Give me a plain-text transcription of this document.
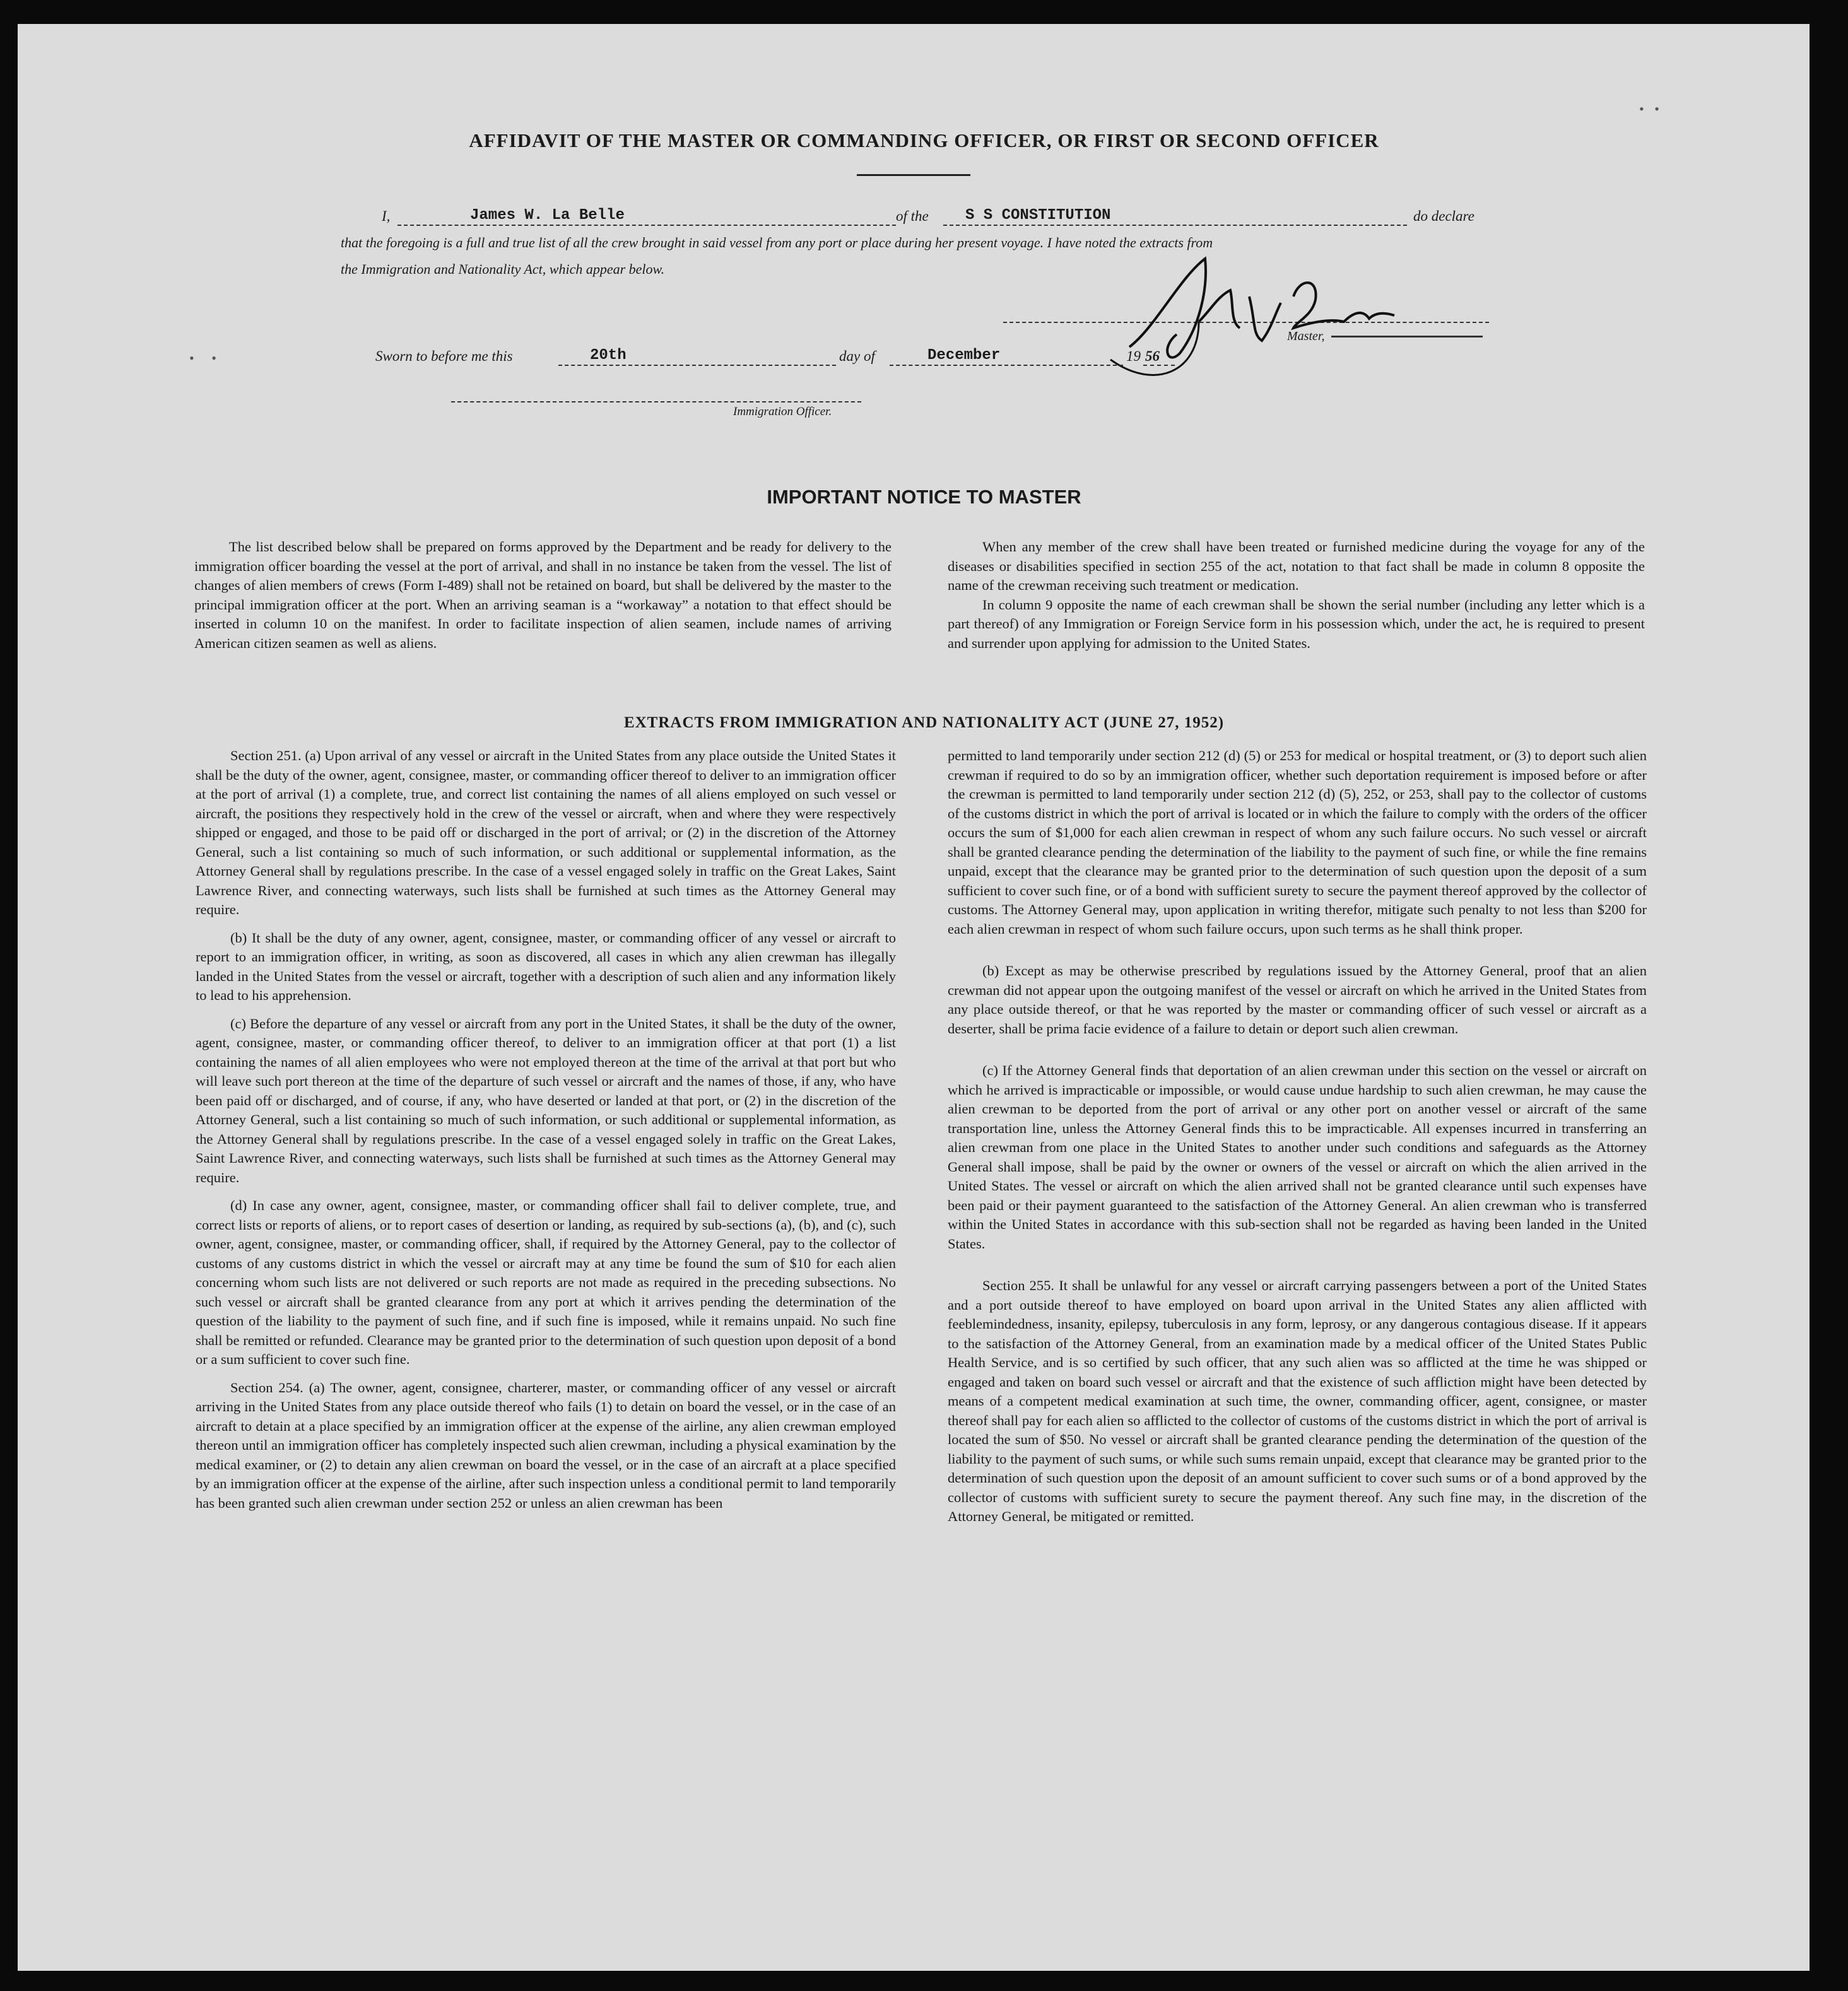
AFFIDAVIT OF THE MASTER OR COMMANDING OFFICER, OR FIRST OR SECOND OFFICER
I,	James W. La Belle	of the S S CONSTITUTION	do declare
that the foregoing is a full and true list of all the crew brought in said vessel from any port or place during her present voyage. I have noted the extracts from
the Immigration and Nationality Act, which appear below.
Master,
Sworn to before me this	20th	day of	December	19 56
Immigration Officer.
IMPORTANT NOTICE TO MASTER

The list described below shall be prepared on forms approved by the Department and be ready for delivery to the immigration officer boarding the vessel at the port of arrival, and shall in no instance be taken from the vessel. The list of changes of alien members of crews (Form I-489) shall not be retained on board, but shall be delivered by the master to the principal immigration officer at the port. When an arriving seaman is a “workaway” a notation to that effect should be inserted in column 10 on the manifest. In order to facilitate inspection of alien seamen, include names of arriving American citizen seamen as well as aliens.

When any member of the crew shall have been treated or furnished medicine during the voyage for any of the diseases or disabilities specified in section 255 of the act, notation to that fact shall be made in column 8 opposite the name of the crewman receiving such treatment or medication.

In column 9 opposite the name of each crewman shall be shown the serial number (including any letter which is a part thereof) of any Immigration or Foreign Service form in his possession which, under the act, he is required to present and surrender upon applying for admission to the United States.

EXTRACTS FROM IMMIGRATION AND NATIONALITY ACT (JUNE 27, 1952)

Section 251. (a) Upon arrival of any vessel or aircraft in the United States from any place outside the United States it shall be the duty of the owner, agent, consignee, master, or commanding officer thereof to deliver to an immigration officer at the port of arrival (1) a complete, true, and correct list containing the names of all aliens employed on such vessel or aircraft, the positions they respectively hold in the crew of the vessel or aircraft, when and where they were respectively shipped or engaged, and those to be paid off or discharged in the port of arrival; or (2) in the discretion of the Attorney General, such a list containing so much of such information, or such additional or supplemental information, as the Attorney General shall by regulations prescribe. In the case of a vessel engaged solely in traffic on the Great Lakes, Saint Lawrence River, and connecting waterways, such lists shall be furnished at such times as the Attorney General may require.

(b) It shall be the duty of any owner, agent, consignee, master, or commanding officer of any vessel or aircraft to report to an immigration officer, in writing, as soon as discovered, all cases in which any alien crewman has illegally landed in the United States from the vessel or aircraft, together with a description of such alien and any information likely to lead to his apprehension.

(c) Before the departure of any vessel or aircraft from any port in the United States, it shall be the duty of the owner, agent, consignee, master, or commanding officer thereof, to deliver to an immigration officer at that port (1) a list containing the names of all alien employees who were not employed thereon at the time of the arrival at that port but who will leave such port thereon at the time of the departure of such vessel or aircraft and the names of those, if any, who have been paid off or discharged, and of course, if any, who have deserted or landed at that port, or (2) in the discretion of the Attorney General, such a list containing so much of such information, or such additional or supplemental information, as the Attorney General shall by regulations prescribe. In the case of a vessel engaged solely in traffic on the Great Lakes, Saint Lawrence River, and connecting waterways, such lists shall be furnished at such times as the Attorney General may require.

(d) In case any owner, agent, consignee, master, or commanding officer shall fail to deliver complete, true, and correct lists or reports of aliens, or to report cases of desertion or landing, as required by sub-sections (a), (b), and (c), such owner, agent, consignee, master, or commanding officer, shall, if required by the Attorney General, pay to the collector of customs of any customs district in which the vessel or aircraft may at any time be found the sum of $10 for each alien concerning whom such lists are not delivered or such reports are not made as required in the preceding subsections. No such vessel or aircraft shall be granted clearance from any port at which it arrives pending the determination of the question of the liability to the payment of such fine, and if such fine is imposed, while it remains unpaid. No such fine shall be remitted or refunded. Clearance may be granted prior to the determination of such question upon deposit of a bond or a sum sufficient to cover such fine.

Section 254. (a) The owner, agent, consignee, charterer, master, or commanding officer of any vessel or aircraft arriving in the United States from any place outside thereof who fails (1) to detain on board the vessel, or in the case of an aircraft to detain at a place specified by an immigration officer at the expense of the airline, any alien crewman employed thereon until an immigration officer has completely inspected such alien crewman, including a physical examination by the medical examiner, or (2) to detain any alien crewman on board the vessel, or in the case of an aircraft at a place specified by an immigration officer at the expense of the airline, after such inspection unless a conditional permit to land temporarily has been granted such alien crewman under section 252 or unless an alien crewman has been

permitted to land temporarily under section 212 (d) (5) or 253 for medical or hospital treatment, or (3) to deport such alien crewman if required to do so by an immigration officer, whether such deportation requirement is imposed before or after the crewman is permitted to land temporarily under section 212 (d) (5), 252, or 253, shall pay to the collector of customs of the customs district in which the port of arrival is located or in which the failure to comply with the orders of the officer occurs the sum of $1,000 for each alien crewman in respect of whom any such failure occurs. No such vessel or aircraft shall be granted clearance pending the determination of the liability to the payment of such fine, or while the fine remains unpaid, except that the clearance may be granted prior to the determination of such question upon the deposit of a sum sufficient to cover such fine, or of a bond with sufficient surety to secure the payment thereof approved by the collector of customs. The Attorney General may, upon application in writing therefor, mitigate such penalty to not less than $200 for each alien crewman in respect of whom such failure occurs, upon such terms as he shall think proper.

(b) Except as may be otherwise prescribed by regulations issued by the Attorney General, proof that an alien crewman did not appear upon the outgoing manifest of the vessel or aircraft on which he arrived in the United States from any place outside thereof, or that he was reported by the master or commanding officer of such vessel or aircraft as a deserter, shall be prima facie evidence of a failure to detain or deport such alien crewman.

(c) If the Attorney General finds that deportation of an alien crewman under this section on the vessel or aircraft on which he arrived is impracticable or impossible, or would cause undue hardship to such alien crewman, he may cause the alien crewman to be deported from the port of arrival or any other port on another vessel or aircraft of the same transportation line, unless the Attorney General finds this to be impracticable. All expenses incurred in transferring an alien crewman from one place in the United States to another under such conditions and safeguards as the Attorney General shall impose, shall be paid by the owner or owners of the vessel or aircraft on which the alien arrived in the United States. The vessel or aircraft on which the alien arrived shall not be granted clearance until such expenses have been paid or their payment guaranteed to the satisfaction of the Attorney General. An alien crewman who is transferred within the United States in accordance with this sub-section shall not be regarded as having been landed in the United States.

Section 255. It shall be unlawful for any vessel or aircraft carrying passengers between a port of the United States and a port outside thereof to have employed on board upon arrival in the United States any alien afflicted with feeblemindedness, insanity, epilepsy, tuberculosis in any form, leprosy, or any dangerous contagious disease. If it appears to the satisfaction of the Attorney General, from an examination made by a medical officer of the United States Public Health Service, and is so certified by such officer, that any such alien was so afflicted at the time he was shipped or engaged and taken on board such vessel or aircraft and that the existence of such affliction might have been detected by means of a competent medical examination at such time, the owner, commanding officer, agent, consignee, or master thereof shall pay for each alien so afflicted to the collector of customs of the customs district in which the port of arrival is located the sum of $50. No vessel or aircraft shall be granted clearance pending the determination of the question of the liability to the payment of such sums, or while such sums remain unpaid, except that clearance may be granted prior to the determination of such question upon the deposit of an amount sufficient to cover such sums or of a bond approved by the collector of customs with sufficient surety to secure the payment thereof. Any such fine may, in the discretion of the Attorney General, be mitigated or remitted.

•   •
•     •
